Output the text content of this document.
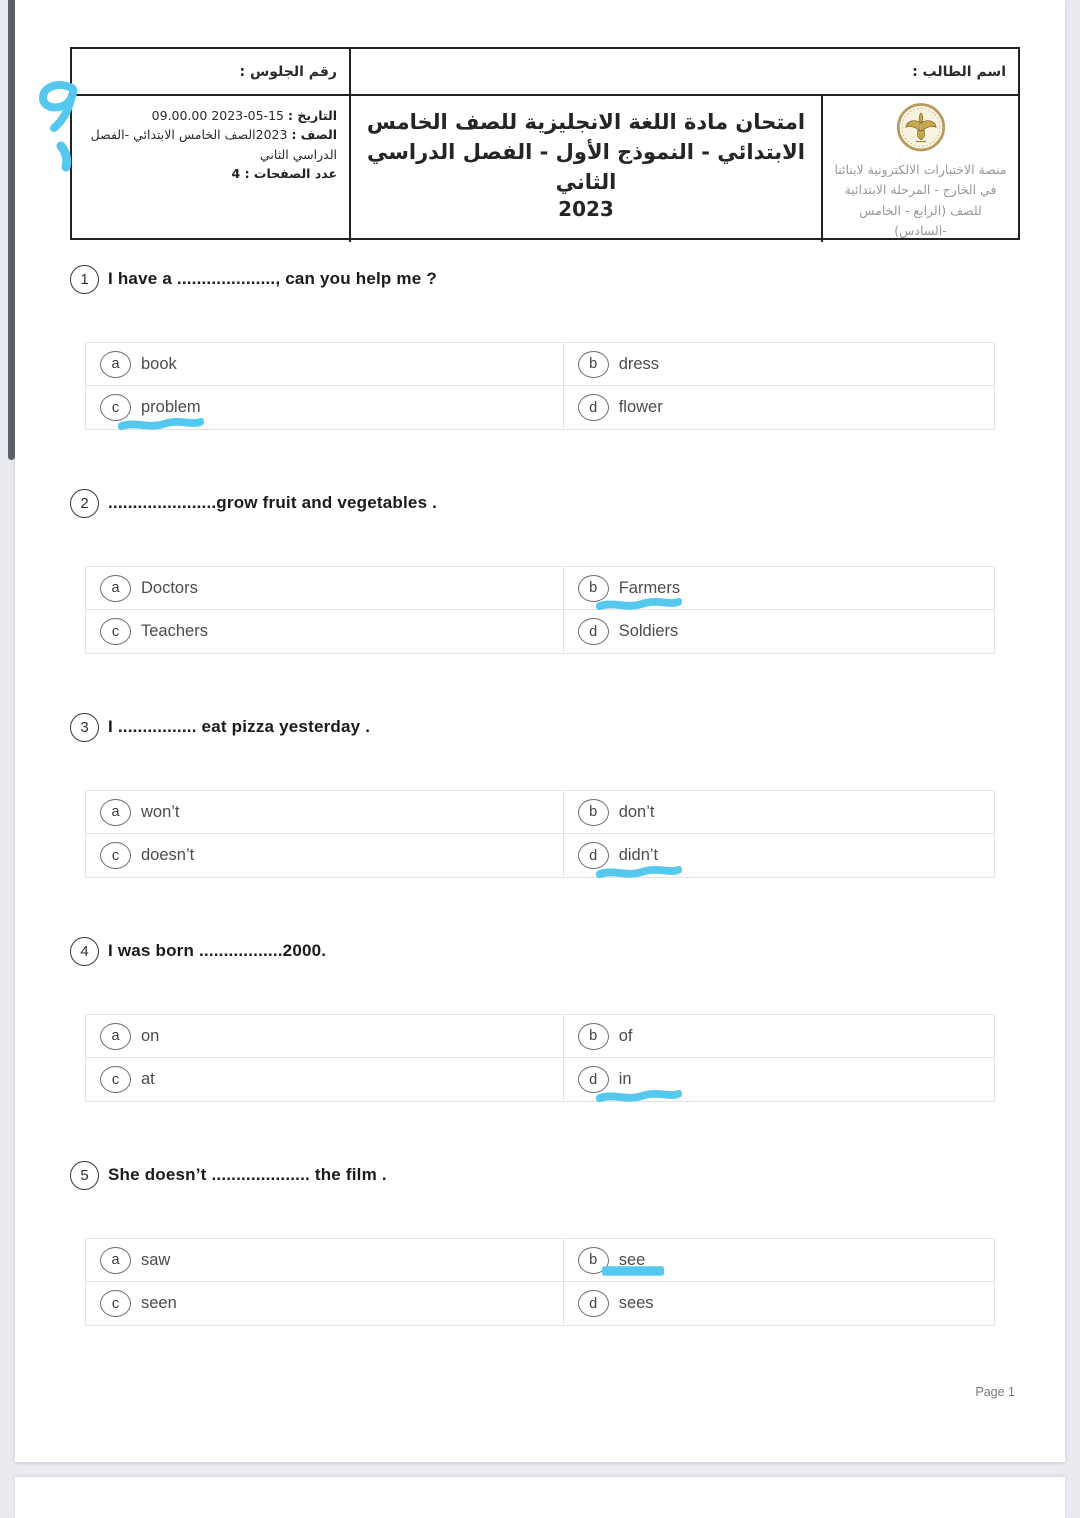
اسم الطالب :
رقم الجلوس :
منصة الاختبارات الالكترونية لابنائنا في الخارج - المرحلة الابتدائية للصف (الرابع - الخامس -السادس)
امتحان مادة اللغة الانجليزية للصف الخامس الابتدائي - النموذج الأول - الفصل الدراسي الثاني
2023
التاريخ : 15-05-2023 09.00.00
الصف : 2023الصف الخامس الابتدائي -الفصل الدراسي الثاني
عدد الصفحات : 4
1	I have a ...................., can you help me ?
a	book	b	dress
c	problem	d	flower
2	......................grow fruit and vegetables .
a	Doctors	b	Farmers
c	Teachers	d	Soldiers
3	I ................ eat pizza yesterday .
a	won’t	b	don’t
c	doesn’t	d	didn’t
4	I was born .................2000.
a	on	b	of
c	at	d	in
5	She doesn’t .................... the film .
a	saw	b	see
c	seen	d	sees
Page 1
